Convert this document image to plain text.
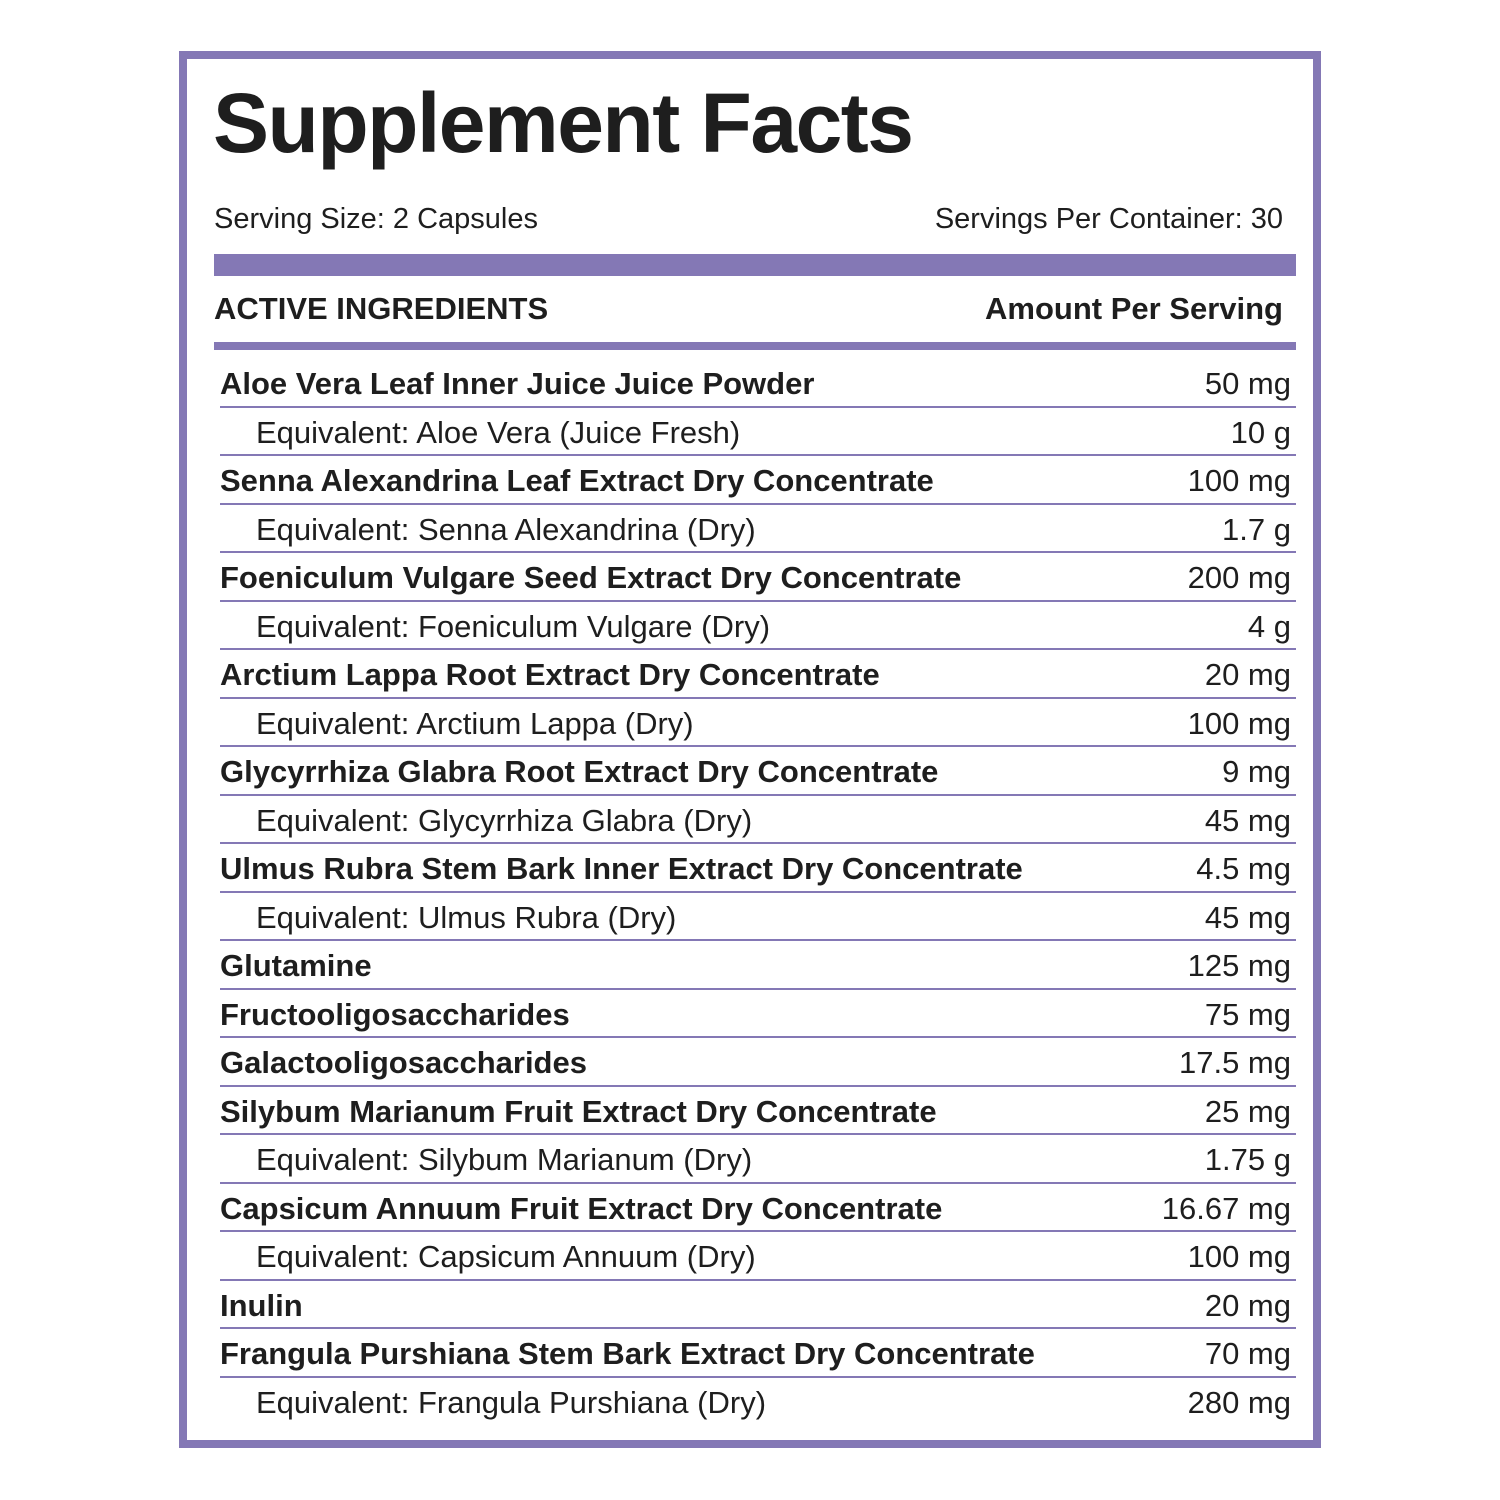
Supplement Facts
Serving Size: 2 Capsules	Servings Per Container: 30
ACTIVE INGREDIENTS	Amount Per Serving
Aloe Vera Leaf Inner Juice Juice Powder	50 mg
Equivalent: Aloe Vera (Juice Fresh)	10 g
Senna Alexandrina Leaf Extract Dry Concentrate	100 mg
Equivalent: Senna Alexandrina (Dry)	1.7 g
Foeniculum Vulgare Seed Extract Dry Concentrate	200 mg
Equivalent: Foeniculum Vulgare (Dry)	4 g
Arctium Lappa Root Extract Dry Concentrate	20 mg
Equivalent: Arctium Lappa (Dry)	100 mg
Glycyrrhiza Glabra Root Extract Dry Concentrate	9 mg
Equivalent: Glycyrrhiza Glabra (Dry)	45 mg
Ulmus Rubra Stem Bark Inner Extract Dry Concentrate	4.5 mg
Equivalent: Ulmus Rubra (Dry)	45 mg
Glutamine	125 mg
Fructooligosaccharides	75 mg
Galactooligosaccharides	17.5 mg
Silybum Marianum Fruit Extract Dry Concentrate	25 mg
Equivalent: Silybum Marianum (Dry)	1.75 g
Capsicum Annuum Fruit Extract Dry Concentrate	16.67 mg
Equivalent: Capsicum Annuum (Dry)	100 mg
Inulin	20 mg
Frangula Purshiana Stem Bark Extract Dry Concentrate	70 mg
Equivalent: Frangula Purshiana (Dry)	280 mg
